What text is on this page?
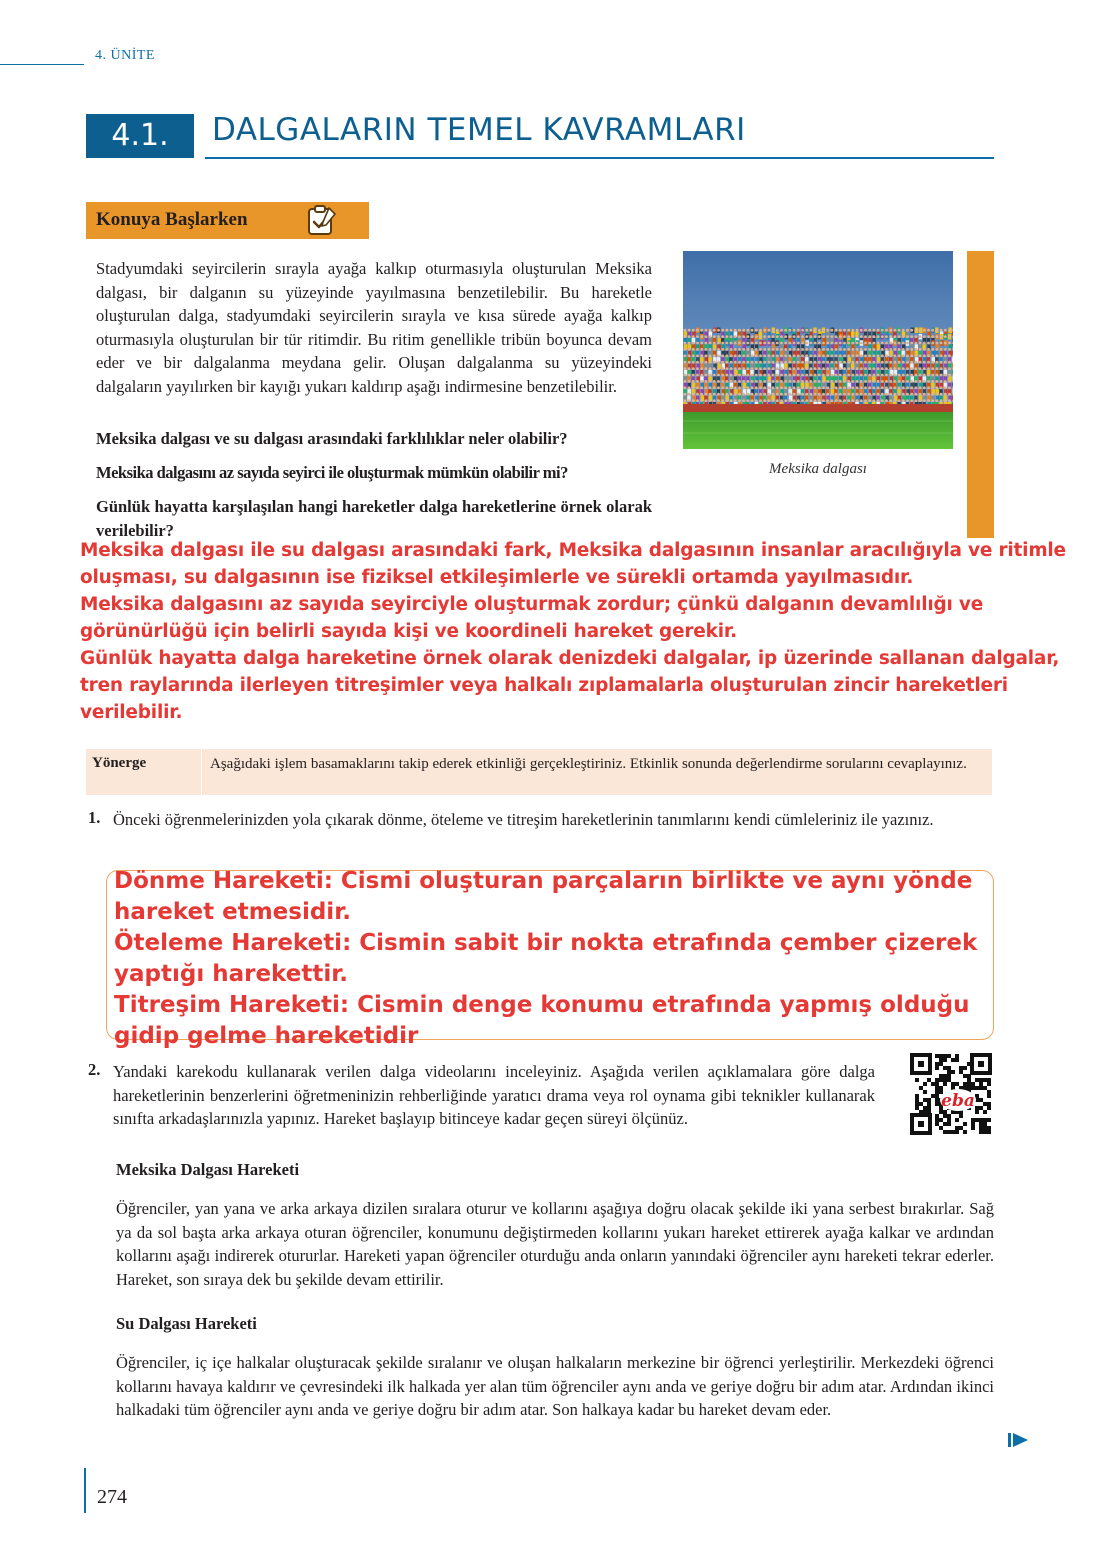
4. ÜNİTE
4.1.	DALGALARIN TEMEL KAVRAMLARI
Konuya Başlarken
Stadyumdaki seyircilerin sırayla ayağa kalkıp oturmasıyla oluşturulan Meksika dalgası, bir dalganın su yüzeyinde yayılmasına benzetilebilir. Bu hareketle oluşturulan dalga, stadyumdaki seyircilerin sırayla ve kısa sürede ayağa kalkıp oturmasıyla oluşturulan bir tür ritimdir. Bu ritim genellikle tribün boyunca devam eder ve bir dalgalanma meydana gelir. Oluşan dalgalanma su yüzeyindeki dalgaların yayılırken bir kayığı yukarı kaldırıp aşağı indirmesine benzetilebilir.
Meksika dalgası ve su dalgası arasındaki farklılıklar neler olabilir?
Meksika dalgasını az sayıda seyirci ile oluşturmak mümkün olabilir mi?
Günlük hayatta karşılaşılan hangi hareketler dalga hareketlerine örnek olarak verilebilir?
Meksika dalgası
Meksika dalgası ile su dalgası arasındaki fark, Meksika dalgasının insanlar aracılığıyla ve ritimle oluşması, su dalgasının ise fiziksel etkileşimlerle ve sürekli ortamda yayılmasıdır.
Meksika dalgasını az sayıda seyirciyle oluşturmak zordur; çünkü dalganın devamlılığı ve görünürlüğü için belirli sayıda kişi ve koordineli hareket gerekir.
Günlük hayatta dalga hareketine örnek olarak denizdeki dalgalar, ip üzerinde sallanan dalgalar, tren raylarında ilerleyen titreşimler veya halkalı zıplamalarla oluşturulan zincir hareketleri verilebilir.
Yönerge	Aşağıdaki işlem basamaklarını takip ederek etkinliği gerçekleştiriniz. Etkinlik sonunda değerlendirme sorularını cevaplayınız.
1. Önceki öğrenmelerinizden yola çıkarak dönme, öteleme ve titreşim hareketlerinin tanımlarını kendi cümleleriniz ile yazınız.
Dönme Hareketi: Cismi oluşturan parçaların birlikte ve aynı yönde hareket etmesidir.
Öteleme Hareketi: Cismin sabit bir nokta etrafında çember çizerek yaptığı harekettir.
Titreşim Hareketi: Cismin denge konumu etrafında yapmış olduğu gidip gelme hareketidir
2. Yandaki karekodu kullanarak verilen dalga videolarını inceleyiniz. Aşağıda verilen açıklamalara göre dalga hareketlerinin benzerlerini öğretmeninizin rehberliğinde yaratıcı drama veya rol oynama gibi teknikler kullanarak sınıfta arkadaşlarınızla yapınız. Hareket başlayıp bitinceye kadar geçen süreyi ölçünüz.
eba
Meksika Dalgası Hareketi
Öğrenciler, yan yana ve arka arkaya dizilen sıralara oturur ve kollarını aşağıya doğru olacak şekilde iki yana serbest bırakırlar. Sağ ya da sol başta arka arkaya oturan öğrenciler, konumunu değiştirmeden kollarını yukarı hareket ettirerek ayağa kalkar ve ardından kollarını aşağı indirerek otururlar. Hareketi yapan öğrenciler oturduğu anda onların yanındaki öğrenciler aynı hareketi tekrar ederler. Hareket, son sıraya dek bu şekilde devam ettirilir.
Su Dalgası Hareketi
Öğrenciler, iç içe halkalar oluşturacak şekilde sıralanır ve oluşan halkaların merkezine bir öğrenci yerleştirilir. Merkezdeki öğrenci kollarını havaya kaldırır ve çevresindeki ilk halkada yer alan tüm öğrenciler aynı anda ve geriye doğru bir adım atar. Ardından ikinci halkadaki tüm öğrenciler aynı anda ve geriye doğru bir adım atar. Son halkaya kadar bu hareket devam eder.
274
